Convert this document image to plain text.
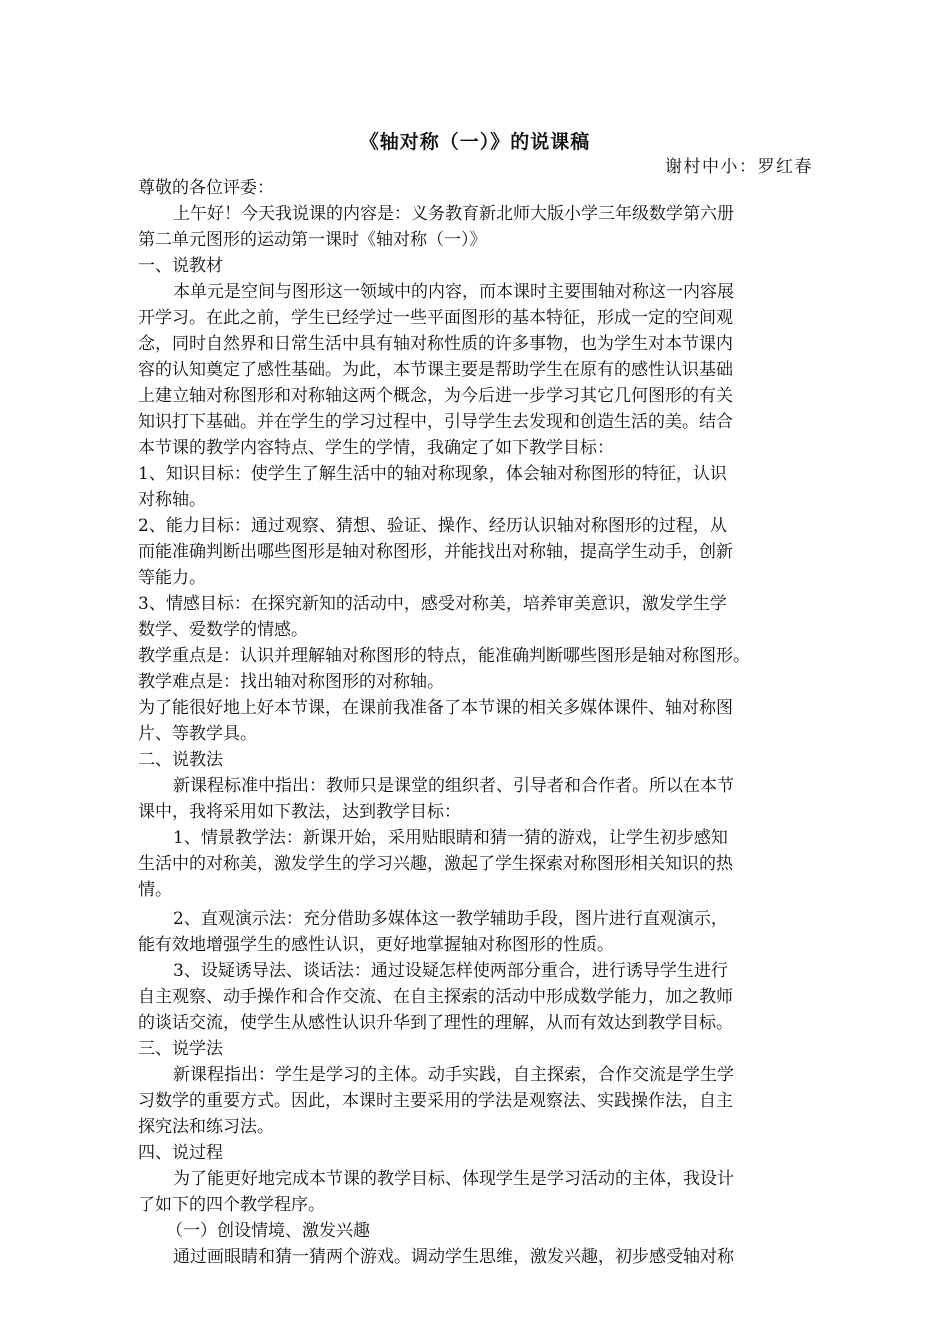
《轴对称（一）》的说课稿
谢村中小：罗红春
尊敬的各位评委：
上午好！今天我说课的内容是：义务教育新北师大版小学三年级数学第六册
第二单元图形的运动第一课时《轴对称（一）》
一、说教材
本单元是空间与图形这一领域中的内容，而本课时主要围轴对称这一内容展
开学习。在此之前，学生已经学过一些平面图形的基本特征，形成一定的空间观
念，同时自然界和日常生活中具有轴对称性质的许多事物，也为学生对本节课内
容的认知奠定了感性基础。为此，本节课主要是帮助学生在原有的感性认识基础
上建立轴对称图形和对称轴这两个概念，为今后进一步学习其它几何图形的有关
知识打下基础。并在学生的学习过程中，引导学生去发现和创造生活的美。结合
本节课的教学内容特点、学生的学情，我确定了如下教学目标：
1、知识目标：使学生了解生活中的轴对称现象，体会轴对称图形的特征，认识
对称轴。
2、能力目标：通过观察、猜想、验证、操作、经历认识轴对称图形的过程，从
而能准确判断出哪些图形是轴对称图形，并能找出对称轴，提高学生动手，创新
等能力。
3、情感目标：在探究新知的活动中，感受对称美，培养审美意识，激发学生学
数学、爱数学的情感。
教学重点是：认识并理解轴对称图形的特点，能准确判断哪些图形是轴对称图形。
教学难点是：找出轴对称图形的对称轴。
为了能很好地上好本节课，在课前我准备了本节课的相关多媒体课件、轴对称图
片、等教学具。
二、说教法
新课程标准中指出：教师只是课堂的组织者、引导者和合作者。所以在本节
课中，我将采用如下教法，达到教学目标：
1、情景教学法：新课开始，采用贴眼睛和猜一猜的游戏，让学生初步感知
生活中的对称美，激发学生的学习兴趣，激起了学生探索对称图形相关知识的热
情。
2、直观演示法：充分借助多媒体这一教学辅助手段，图片进行直观演示，
能有效地增强学生的感性认识，更好地掌握轴对称图形的性质。
3、设疑诱导法、谈话法：通过设疑怎样使两部分重合，进行诱导学生进行
自主观察、动手操作和合作交流、在自主探索的活动中形成数学能力，加之教师
的谈话交流，使学生从感性认识升华到了理性的理解，从而有效达到教学目标。
三、说学法
新课程指出：学生是学习的主体。动手实践，自主探索，合作交流是学生学
习数学的重要方式。因此，本课时主要采用的学法是观察法、实践操作法，自主
探究法和练习法。
四、说过程
为了能更好地完成本节课的教学目标、体现学生是学习活动的主体，我设计
了如下的四个教学程序。
（一）创设情境、激发兴趣
通过画眼睛和猜一猜两个游戏。调动学生思维，激发兴趣，初步感受轴对称
